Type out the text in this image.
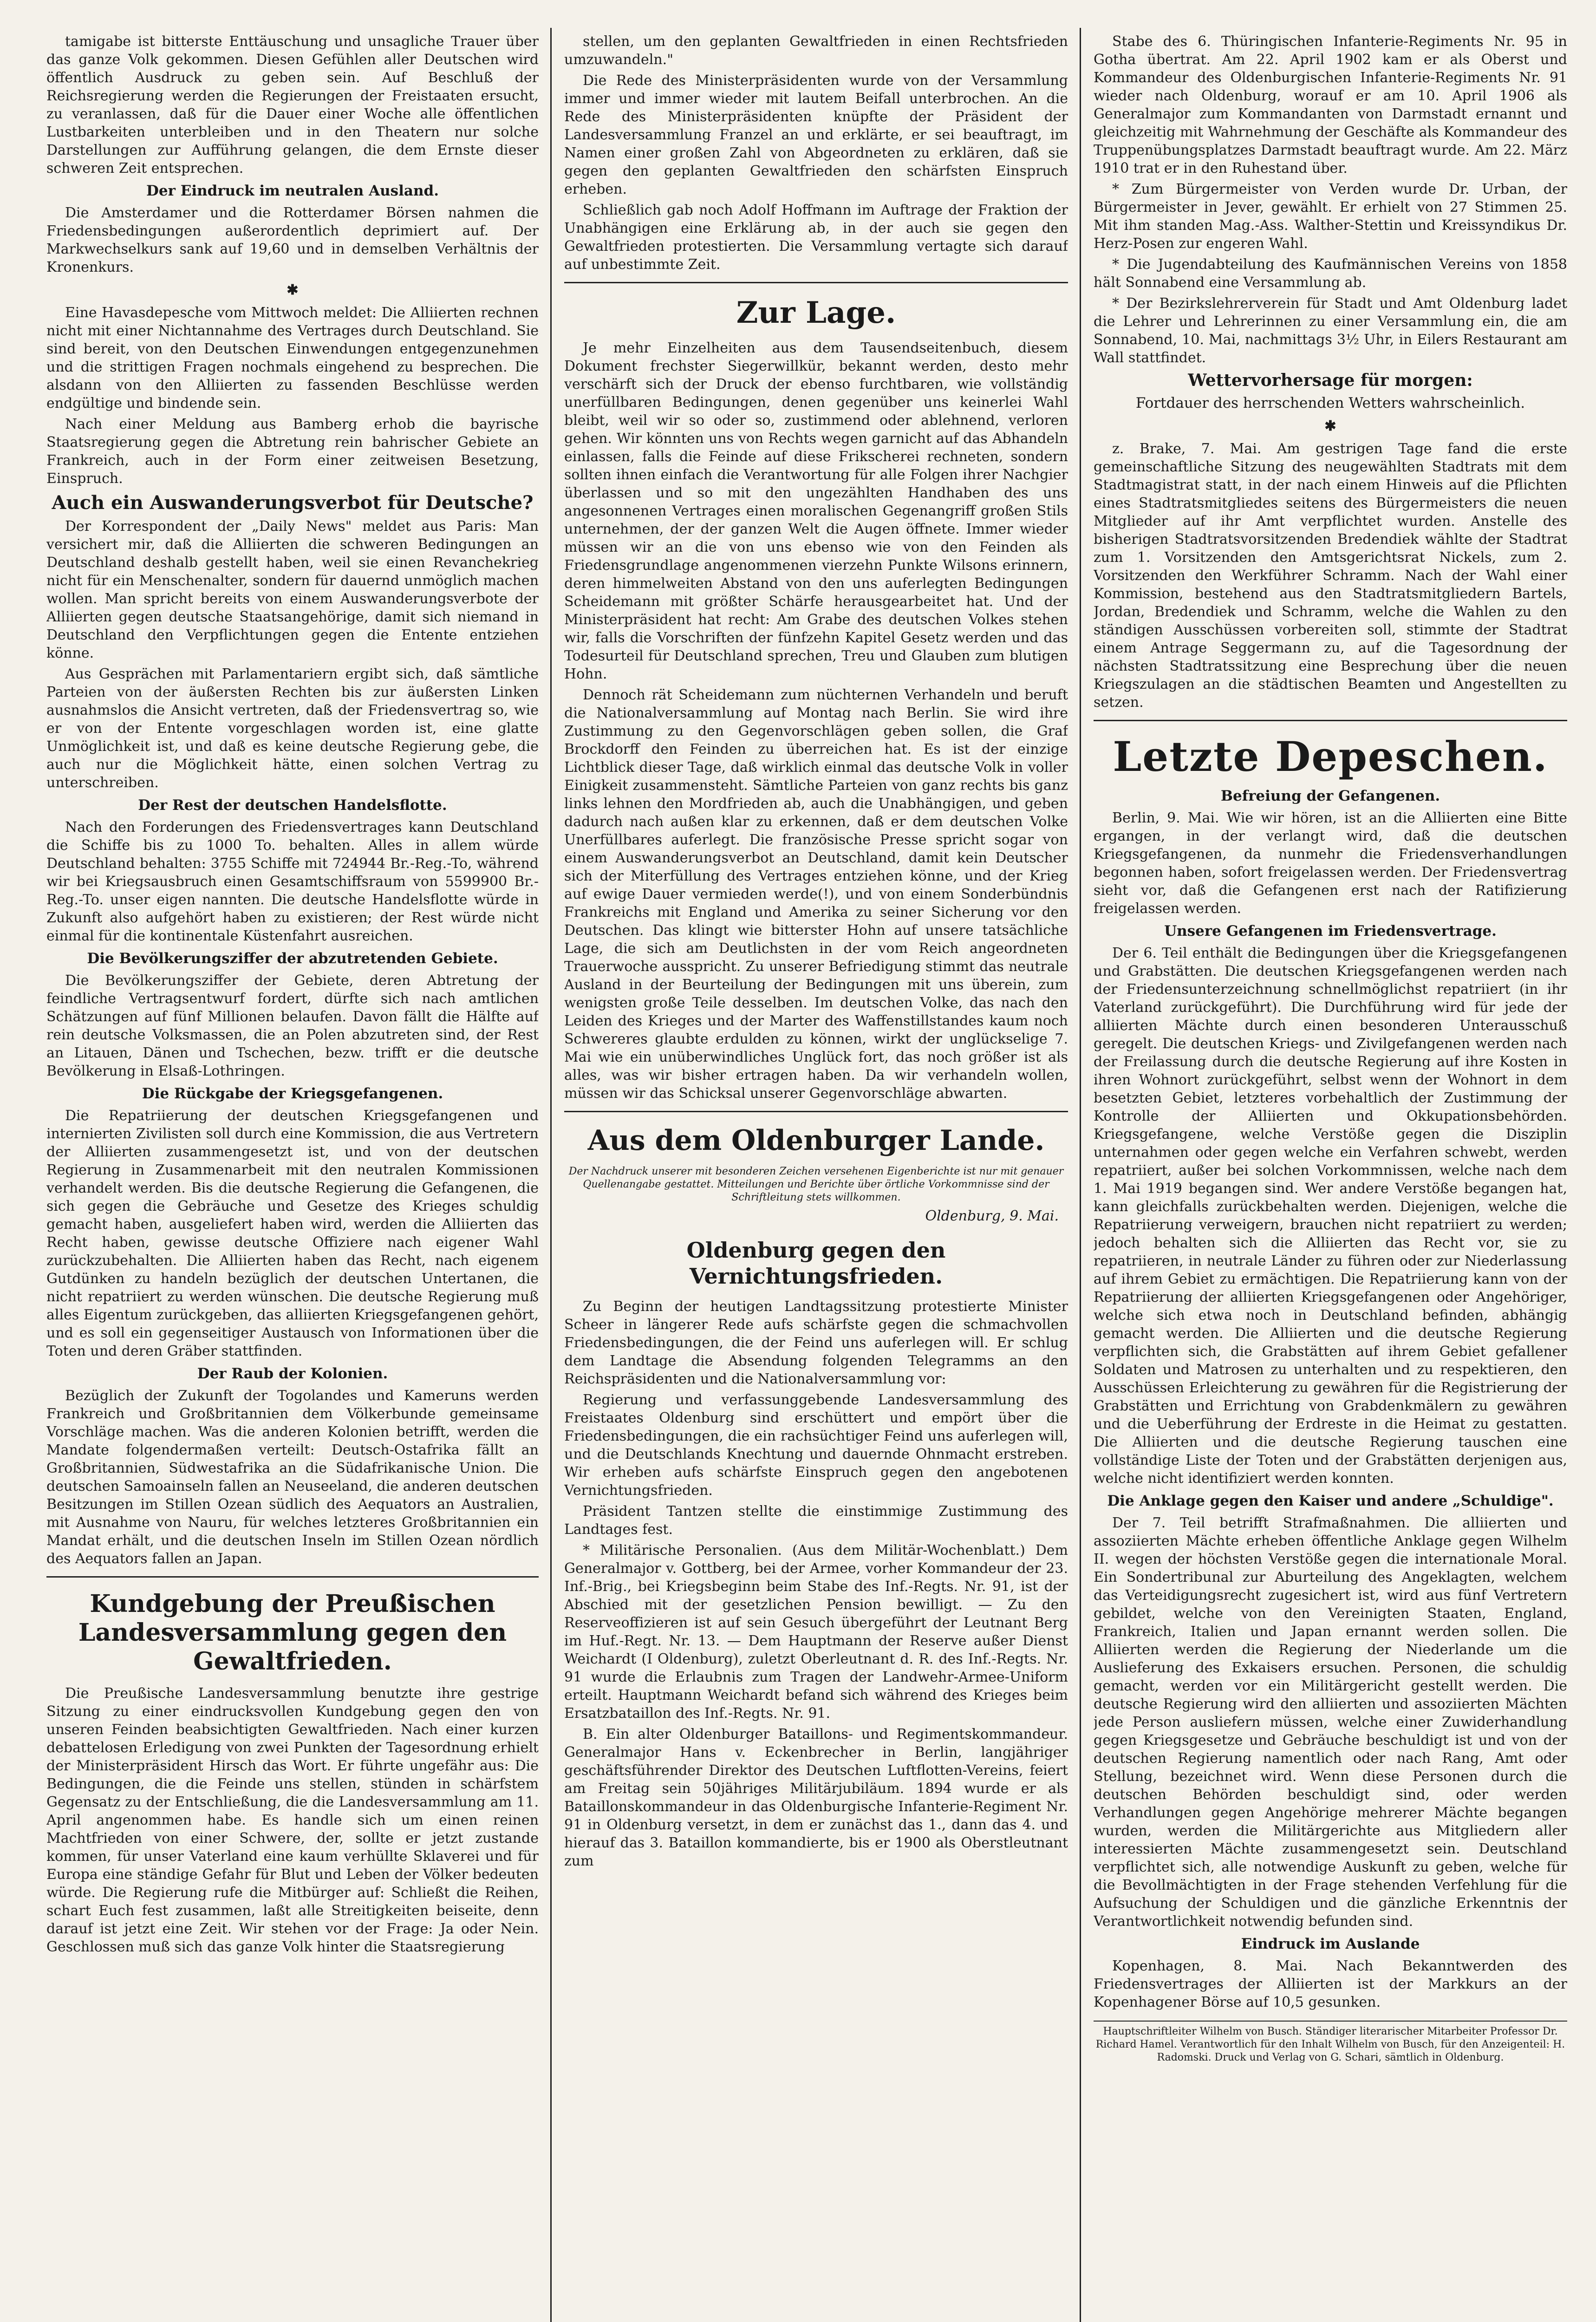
tamigabe ist bitterste Enttäuschung und unsagliche Trauer über das ganze Volk gekommen. Diesen Gefühlen aller Deutschen wird öffentlich Ausdruck zu geben sein. Auf Beschluß der Reichsregierung werden die Regierungen der Freistaaten ersucht, zu veranlassen, daß für die Dauer einer Woche alle öffentlichen Lustbarkeiten unterbleiben und in den Theatern nur solche Darstellungen zur Aufführung gelangen, die dem Ernste dieser schweren Zeit entsprechen.

Der Eindruck im neutralen Ausland.

Die Amsterdamer und die Rotterdamer Börsen nahmen die Friedensbedingungen außerordentlich deprimiert auf. Der Markwechselkurs sank auf 19,60 und in demselben Verhältnis der Kronenkurs.

✱

Eine Havasdepesche vom Mittwoch meldet: Die Alliierten rechnen nicht mit einer Nichtannahme des Vertrages durch Deutschland. Sie sind bereit, von den Deutschen Einwendungen entgegenzunehmen und die strittigen Fragen nochmals eingehend zu besprechen. Die alsdann von den Alliierten zu fassenden Beschlüsse werden endgültige und bindende sein.

Nach einer Meldung aus Bamberg erhob die bayrische Staatsregierung gegen die Abtretung rein bahrischer Gebiete an Frankreich, auch in der Form einer zeitweisen Besetzung, Einspruch.

Auch ein Auswanderungsverbot für Deutsche?

Der Korrespondent der „Daily News" meldet aus Paris: Man versichert mir, daß die Alliierten die schweren Bedingungen an Deutschland deshalb gestellt haben, weil sie einen Revanchekrieg nicht für ein Menschenalter, sondern für dauernd unmöglich machen wollen. Man spricht bereits von einem Auswanderungsverbote der Alliierten gegen deutsche Staatsangehörige, damit sich niemand in Deutschland den Verpflichtungen gegen die Entente entziehen könne.

Aus Gesprächen mit Parlamentariern ergibt sich, daß sämtliche Parteien von der äußersten Rechten bis zur äußersten Linken ausnahmslos die Ansicht vertreten, daß der Friedensvertrag so, wie er von der Entente vorgeschlagen worden ist, eine glatte Unmöglichkeit ist, und daß es keine deutsche Regierung gebe, die auch nur die Möglichkeit hätte, einen solchen Vertrag zu unterschreiben.

Der Rest der deutschen Handelsflotte.

Nach den Forderungen des Friedensvertrages kann Deutschland die Schiffe bis zu 1000 To. behalten. Alles in allem würde Deutschland behalten: 3755 Schiffe mit 724944 Br.-Reg.-To, während wir bei Kriegsausbruch einen Gesamtschiffsraum von 5599900 Br.-Reg.-To. unser eigen nannten. Die deutsche Handelsflotte würde in Zukunft also aufgehört haben zu existieren; der Rest würde nicht einmal für die kontinentale Küstenfahrt ausreichen.

Die Bevölkerungsziffer der abzutretenden Gebiete.

Die Bevölkerungsziffer der Gebiete, deren Abtretung der feindliche Vertragsentwurf fordert, dürfte sich nach amtlichen Schätzungen auf fünf Millionen belaufen. Davon fällt die Hälfte auf rein deutsche Volksmassen, die an Polen abzutreten sind, der Rest an Litauen, Dänen und Tschechen, bezw. trifft er die deutsche Bevölkerung in Elsaß-Lothringen.

Die Rückgabe der Kriegsgefangenen.

Die Repatriierung der deutschen Kriegsgefangenen und internierten Zivilisten soll durch eine Kommission, die aus Vertretern der Alliierten zusammengesetzt ist, und von der deutschen Regierung in Zusammenarbeit mit den neutralen Kommissionen verhandelt werden. Bis die deutsche Regierung die Gefangenen, die sich gegen die Gebräuche und Gesetze des Krieges schuldig gemacht haben, ausgeliefert haben wird, werden die Alliierten das Recht haben, gewisse deutsche Offiziere nach eigener Wahl zurückzubehalten. Die Alliierten haben das Recht, nach eigenem Gutdünken zu handeln bezüglich der deutschen Untertanen, die nicht repatriiert zu werden wünschen. Die deutsche Regierung muß alles Eigentum zurückgeben, das alliierten Kriegsgefangenen gehört, und es soll ein gegenseitiger Austausch von Informationen über die Toten und deren Gräber stattfinden.

Der Raub der Kolonien.

Bezüglich der Zukunft der Togolandes und Kameruns werden Frankreich und Großbritannien dem Völkerbunde gemeinsame Vorschläge machen. Was die anderen Kolonien betrifft, werden die Mandate folgendermaßen verteilt: Deutsch-Ostafrika fällt an Großbritannien, Südwestafrika an die Südafrikanische Union. Die deutschen Samoainseln fallen an Neuseeland, die anderen deutschen Besitzungen im Stillen Ozean südlich des Aequators an Australien, mit Ausnahme von Nauru, für welches letzteres Großbritannien ein Mandat erhält, und die deutschen Inseln im Stillen Ozean nördlich des Aequators fallen an Japan.

Kundgebung der Preußischen Landesversammlung gegen den Gewaltfrieden.

Die Preußische Landesversammlung benutzte ihre gestrige Sitzung zu einer eindrucksvollen Kundgebung gegen den von unseren Feinden beabsichtigten Gewaltfrieden. Nach einer kurzen debattelosen Erledigung von zwei Punkten der Tagesordnung erhielt der Ministerpräsident Hirsch das Wort. Er führte ungefähr aus: Die Bedingungen, die die Feinde uns stellen, stünden in schärfstem Gegensatz zu der Entschließung, die die Landesversammlung am 11. April angenommen habe. Es handle sich um einen reinen Machtfrieden von einer Schwere, der, sollte er jetzt zustande kommen, für unser Vaterland eine kaum verhüllte Sklaverei und für Europa eine ständige Gefahr für Blut und Leben der Völker bedeuten würde. Die Regierung rufe die Mitbürger auf: Schließt die Reihen, schart Euch fest zusammen, laßt alle Streitigkeiten beiseite, denn darauf ist jetzt eine Zeit. Wir stehen vor der Frage: Ja oder Nein. Geschlossen muß sich das ganze Volk hinter die Staatsregierung

stellen, um den geplanten Gewaltfrieden in einen Rechtsfrieden umzuwandeln."

Die Rede des Ministerpräsidenten wurde von der Versammlung immer und immer wieder mit lautem Beifall unterbrochen. An die Rede des Ministerpräsidenten knüpfte der Präsident der Landesversammlung Franzel an und erklärte, er sei beauftragt, im Namen einer großen Zahl von Abgeordneten zu erklären, daß sie gegen den geplanten Gewaltfrieden den schärfsten Einspruch erheben.

Schließlich gab noch Adolf Hoffmann im Auftrage der Fraktion der Unabhängigen eine Erklärung ab, in der auch sie gegen den Gewaltfrieden protestierten. Die Versammlung vertagte sich darauf auf unbestimmte Zeit.

Zur Lage.

Je mehr Einzelheiten aus dem Tausendseitenbuch, diesem Dokument frechster Siegerwillkür, bekannt werden, desto mehr verschärft sich der Druck der ebenso furchtbaren, wie vollständig unerfüllbaren Bedingungen, denen gegenüber uns keinerlei Wahl bleibt, weil wir so oder so, zustimmend oder ablehnend, verloren gehen. Wir könnten uns von Rechts wegen garnicht auf das Abhandeln einlassen, falls die Feinde auf diese Frikscherei rechneten, sondern sollten ihnen einfach die Verantwortung für alle Folgen ihrer Nachgier überlassen und so mit den ungezählten Handhaben des uns angesonnenen Vertrages einen moralischen Gegenangriff großen Stils unternehmen, der der ganzen Welt die Augen öffnete. Immer wieder müssen wir an die von uns ebenso wie von den Feinden als Friedensgrundlage angenommenen vierzehn Punkte Wilsons erinnern, deren himmelweiten Abstand von den uns auferlegten Bedingungen Scheidemann mit größter Schärfe herausgearbeitet hat. Und der Ministerpräsident hat recht: Am Grabe des deutschen Volkes stehen wir, falls die Vorschriften der fünfzehn Kapitel Gesetz werden und das Todesurteil für Deutschland sprechen, Treu und Glauben zum blutigen Hohn.

Dennoch rät Scheidemann zum nüchternen Verhandeln und beruft die Nationalversammlung auf Montag nach Berlin. Sie wird ihre Zustimmung zu den Gegenvorschlägen geben sollen, die Graf Brockdorff den Feinden zu überreichen hat. Es ist der einzige Lichtblick dieser Tage, daß wirklich einmal das deutsche Volk in voller Einigkeit zusammensteht. Sämtliche Parteien von ganz rechts bis ganz links lehnen den Mordfrieden ab, auch die Unabhängigen, und geben dadurch nach außen klar zu erkennen, daß er dem deutschen Volke Unerfüllbares auferlegt. Die französische Presse spricht sogar von einem Auswanderungsverbot an Deutschland, damit kein Deutscher sich der Miterfüllung des Vertrages entziehen könne, und der Krieg auf ewige Dauer vermieden werde(!), und von einem Sonderbündnis Frankreichs mit England und Amerika zu seiner Sicherung vor den Deutschen. Das klingt wie bitterster Hohn auf unsere tatsächliche Lage, die sich am Deutlichsten in der vom Reich angeordneten Trauerwoche ausspricht. Zu unserer Befriedigung stimmt das neutrale Ausland in der Beurteilung der Bedingungen mit uns überein, zum wenigsten große Teile desselben. Im deutschen Volke, das nach den Leiden des Krieges und der Marter des Waffenstillstandes kaum noch Schwereres glaubte erdulden zu können, wirkt der unglückselige 7. Mai wie ein unüberwindliches Unglück fort, das noch größer ist als alles, was wir bisher ertragen haben. Da wir verhandeln wollen, müssen wir das Schicksal unserer Gegenvorschläge abwarten.

Aus dem Oldenburger Lande.
Der Nachdruck unserer mit besonderen Zeichen versehenen Eigenberichte ist nur mit genauer Quellenangabe gestattet. Mitteilungen und Berichte über örtliche Vorkommnisse sind der Schriftleitung stets willkommen.
Oldenburg, 9. Mai.
Oldenburg gegen den Vernichtungsfrieden.

Zu Beginn der heutigen Landtagssitzung protestierte Minister Scheer in längerer Rede aufs schärfste gegen die schmachvollen Friedensbedingungen, die der Feind uns auferlegen will. Er schlug dem Landtage die Absendung folgenden Telegramms an den Reichspräsidenten und die Nationalversammlung vor:

Regierung und verfassunggebende Landesversammlung des Freistaates Oldenburg sind erschüttert und empört über die Friedensbedingungen, die ein rachsüchtiger Feind uns auferlegen will, und die Deutschlands Knechtung und dauernde Ohnmacht erstreben. Wir erheben aufs schärfste Einspruch gegen den angebotenen Vernichtungsfrieden.

Präsident Tantzen stellte die einstimmige Zustimmung des Landtages fest.

* Militärische Personalien. (Aus dem Militär-Wochenblatt.) Dem Generalmajor v. Gottberg, bei der Armee, vorher Kommandeur der 23. Inf.-Brig., bei Kriegsbeginn beim Stabe des Inf.-Regts. Nr. 91, ist der Abschied mit der gesetzlichen Pension bewilligt. — Zu den Reserveoffizieren ist auf sein Gesuch übergeführt der Leutnant Berg im Huf.-Regt. Nr. 13. — Dem Hauptmann der Reserve außer Dienst Weichardt (I Oldenburg), zuletzt Oberleutnant d. R. des Inf.-Regts. Nr. 91 wurde die Erlaubnis zum Tragen der Landwehr-Armee-Uniform erteilt. Hauptmann Weichardt befand sich während des Krieges beim Ersatzbataillon des Inf.-Regts. Nr. 91.

B. Ein alter Oldenburger Bataillons- und Regimentskommandeur. Generalmajor Hans v. Eckenbrecher in Berlin, langjähriger geschäftsführender Direktor des Deutschen Luftflotten-Vereins, feiert am Freitag sein 50jähriges Militärjubiläum. 1894 wurde er als Bataillonskommandeur in das Oldenburgische Infanterie-Regiment Nr. 91 in Oldenburg versetzt, in dem er zunächst das 1., dann das 4. und hierauf das 3. Bataillon kommandierte, bis er 1900 als Oberstleutnant zum

Stabe des 6. Thüringischen Infanterie-Regiments Nr. 95 in Gotha übertrat. Am 22. April 1902 kam er als Oberst und Kommandeur des Oldenburgischen Infanterie-Regiments Nr. 91 wieder nach Oldenburg, worauf er am 10. April 1906 als Generalmajor zum Kommandanten von Darmstadt ernannt und gleichzeitig mit Wahrnehmung der Geschäfte als Kommandeur des Truppenübungsplatzes Darmstadt beauftragt wurde. Am 22. März 1910 trat er in den Ruhestand über.

* Zum Bürgermeister von Verden wurde Dr. Urban, der Bürgermeister in Jever, gewählt. Er erhielt von 27 Stimmen 25. Mit ihm standen Mag.-Ass. Walther-Stettin und Kreissyndikus Dr. Herz-Posen zur engeren Wahl.

* Die Jugendabteilung des Kaufmännischen Vereins von 1858 hält Sonnabend eine Versammlung ab.

* Der Bezirkslehrerverein für Stadt und Amt Oldenburg ladet die Lehrer und Lehrerinnen zu einer Versammlung ein, die am Sonnabend, 10. Mai, nachmittags 3½ Uhr, in Eilers Restaurant am Wall stattfindet.

Wettervorhersage für morgen:
Fortdauer des herrschenden Wetters wahrscheinlich.
✱

z. Brake, 7. Mai. Am gestrigen Tage fand die erste gemeinschaftliche Sitzung des neugewählten Stadtrats mit dem Stadtmagistrat statt, in der nach einem Hinweis auf die Pflichten eines Stadtratsmitgliedes seitens des Bürgermeisters die neuen Mitglieder auf ihr Amt verpflichtet wurden. Anstelle des bisherigen Stadtratsvorsitzenden Bredendiek wählte der Stadtrat zum 1. Vorsitzenden den Amtsgerichtsrat Nickels, zum 2. Vorsitzenden den Werkführer Schramm. Nach der Wahl einer Kommission, bestehend aus den Stadtratsmitgliedern Bartels, Jordan, Bredendiek und Schramm, welche die Wahlen zu den ständigen Ausschüssen vorbereiten soll, stimmte der Stadtrat einem Antrage Seggermann zu, auf die Tagesordnung der nächsten Stadtratssitzung eine Besprechung über die neuen Kriegszulagen an die städtischen Beamten und Angestellten zu setzen.

Letzte Depeschen.
Befreiung der Gefangenen.

Berlin, 9. Mai. Wie wir hören, ist an die Alliierten eine Bitte ergangen, in der verlangt wird, daß die deutschen Kriegsgefangenen, da nunmehr die Friedensverhandlungen begonnen haben, sofort freigelassen werden. Der Friedensvertrag sieht vor, daß die Gefangenen erst nach der Ratifizierung freigelassen werden.

Unsere Gefangenen im Friedensvertrage.

Der 6. Teil enthält die Bedingungen über die Kriegsgefangenen und Grabstätten. Die deutschen Kriegsgefangenen werden nach der Friedensunterzeichnung schnellmöglichst repatriiert (in ihr Vaterland zurückgeführt). Die Durchführung wird für jede der alliierten Mächte durch einen besonderen Unterausschuß geregelt. Die deutschen Kriegs- und Zivilgefangenen werden nach der Freilassung durch die deutsche Regierung auf ihre Kosten in ihren Wohnort zurückgeführt, selbst wenn der Wohnort in dem besetzten Gebiet, letzteres vorbehaltlich der Zustimmung der Kontrolle der Alliierten und Okkupationsbehörden. Kriegsgefangene, welche Verstöße gegen die Disziplin unternahmen oder gegen welche ein Verfahren schwebt, werden repatriiert, außer bei solchen Vorkommnissen, welche nach dem 1. Mai 1919 begangen sind. Wer andere Verstöße begangen hat, kann gleichfalls zurückbehalten werden. Diejenigen, welche die Repatriierung verweigern, brauchen nicht repatriiert zu werden; jedoch behalten sich die Alliierten das Recht vor, sie zu repatriieren, in neutrale Länder zu führen oder zur Niederlassung auf ihrem Gebiet zu ermächtigen. Die Repatriierung kann von der Repatriierung der alliierten Kriegsgefangenen oder Angehöriger, welche sich etwa noch in Deutschland befinden, abhängig gemacht werden. Die Alliierten und die deutsche Regierung verpflichten sich, die Grabstätten auf ihrem Gebiet gefallener Soldaten und Matrosen zu unterhalten und zu respektieren, den Ausschüssen Erleichterung zu gewähren für die Registrierung der Grabstätten und Errichtung von Grabdenkmälern zu gewähren und die Ueberführung der Erdreste in die Heimat zu gestatten. Die Alliierten und die deutsche Regierung tauschen eine vollständige Liste der Toten und der Grabstätten derjenigen aus, welche nicht identifiziert werden konnten.

Die Anklage gegen den Kaiser und andere „Schuldige".

Der 7. Teil betrifft Strafmaßnahmen. Die alliierten und assoziierten Mächte erheben öffentliche Anklage gegen Wilhelm II. wegen der höchsten Verstöße gegen die internationale Moral. Ein Sondertribunal zur Aburteilung des Angeklagten, welchem das Verteidigungsrecht zugesichert ist, wird aus fünf Vertretern gebildet, welche von den Vereinigten Staaten, England, Frankreich, Italien und Japan ernannt werden sollen. Die Alliierten werden die Regierung der Niederlande um die Auslieferung des Exkaisers ersuchen. Personen, die schuldig gemacht, werden vor ein Militärgericht gestellt werden. Die deutsche Regierung wird den alliierten und assoziierten Mächten jede Person ausliefern müssen, welche einer Zuwiderhandlung gegen Kriegsgesetze und Gebräuche beschuldigt ist und von der deutschen Regierung namentlich oder nach Rang, Amt oder Stellung, bezeichnet wird. Wenn diese Personen durch die deutschen Behörden beschuldigt sind, oder werden Verhandlungen gegen Angehörige mehrerer Mächte begangen wurden, werden die Militärgerichte aus Mitgliedern aller interessierten Mächte zusammengesetzt sein. Deutschland verpflichtet sich, alle notwendige Auskunft zu geben, welche für die Bevollmächtigten in der Frage stehenden Verfehlung für die Aufsuchung der Schuldigen und die gänzliche Erkenntnis der Verantwortlichkeit notwendig befunden sind.

Eindruck im Auslande

Kopenhagen, 8. Mai. Nach Bekanntwerden des Friedensvertrages der Alliierten ist der Markkurs an der Kopenhagener Börse auf 10,5 gesunken.

Hauptschriftleiter Wilhelm von Busch. Ständiger literarischer Mitarbeiter Professor Dr. Richard Hamel. Verantwortlich für den Inhalt Wilhelm von Busch, für den Anzeigenteil: H. Radomski. Druck und Verlag von G. Schari, sämtlich in Oldenburg.
